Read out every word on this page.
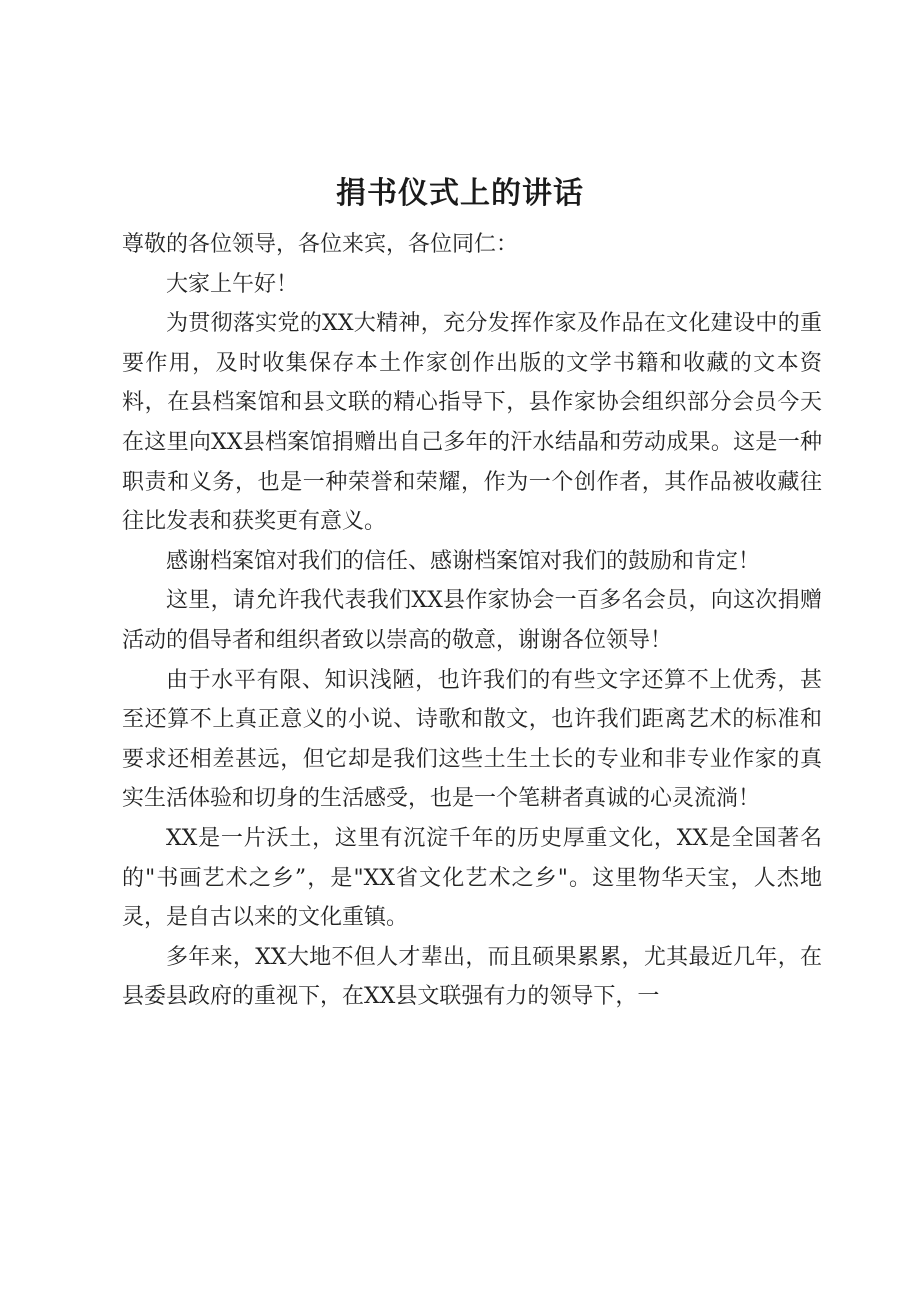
捐书仪式上的讲话

尊敬的各位领导，各位来宾，各位同仁：

大家上午好！

为贯彻落实党的XX大精神，充分发挥作家及作品在文化建设中的重要作用，及时收集保存本土作家创作出版的文学书籍和收藏的文本资料，在县档案馆和县文联的精心指导下，县作家协会组织部分会员今天在这里向XX县档案馆捐赠出自己多年的汗水结晶和劳动成果。这是一种职责和义务，也是一种荣誉和荣耀，作为一个创作者，其作品被收藏往往比发表和获奖更有意义。

感谢档案馆对我们的信任、感谢档案馆对我们的鼓励和肯定！

这里，请允许我代表我们XX县作家协会一百多名会员，向这次捐赠活动的倡导者和组织者致以崇高的敬意，谢谢各位领导！

由于水平有限、知识浅陋，也许我们的有些文字还算不上优秀，甚至还算不上真正意义的小说、诗歌和散文，也许我们距离艺术的标准和要求还相差甚远，但它却是我们这些土生土长的专业和非专业作家的真实生活体验和切身的生活感受，也是一个笔耕者真诚的心灵流淌！

XX是一片沃土，这里有沉淀千年的历史厚重文化，XX是全国著名的"书画艺术之乡”，是"XX省文化艺术之乡"。这里物华天宝，人杰地灵，是自古以来的文化重镇。

多年来，XX大地不但人才辈出，而且硕果累累，尤其最近几年，在县委县政府的重视下，在XX县文联强有力的领导下，一
